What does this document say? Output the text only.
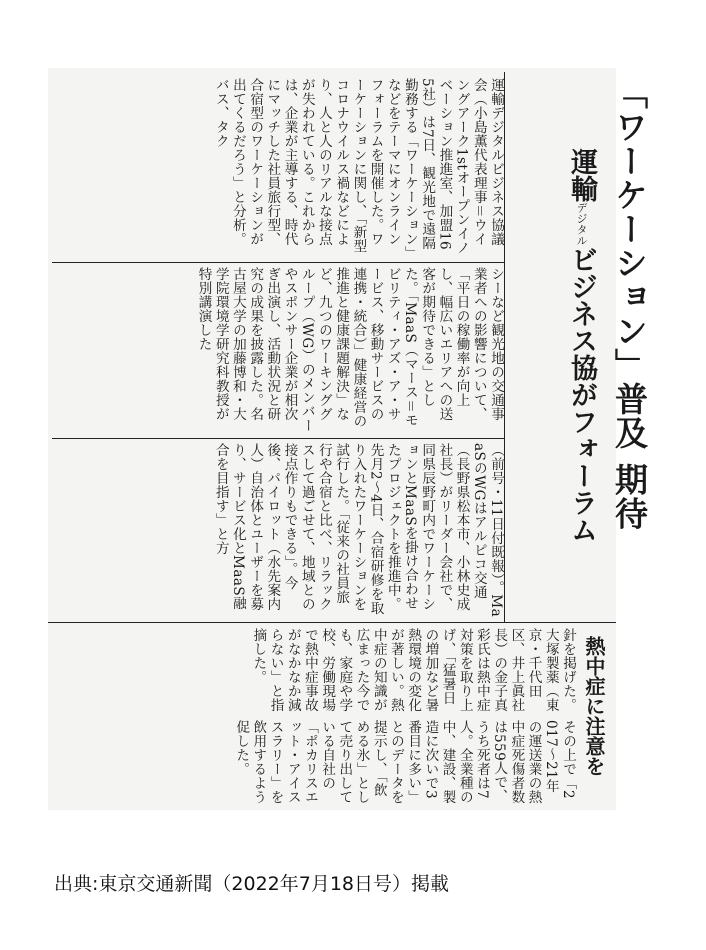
「ワーケーション」普及 期待
運輸デジタルビジネス協がフォーラム
運輸デジタルビジネス協議会（小島薫代表理事＝ウイングアーク1stオープンイノベーション推進室、加盟165社）は7日、観光地で遠隔勤務する「ワーケーション」などをテーマにオンラインフォーラムを開催した。ワーケーションに関し、「新型コロナウイルス禍などにより、人と人のリアルな接点が失われている。これからは、企業が主導する、時代にマッチした社員旅行型、合宿型のワーケーションが出てくるだろう」と分析。バス、タク
シーなど観光地の交通事業者への影響について、「平日の稼働率が向上し、幅広いエリアへの送客が期待できる」とした。「MaaS（マース＝モビリティ・アズ・ア・サービス、移動サービスの連携・統合）」健康経営の推進と健康課題解決」など、九つのワーキンググループ（WG）のメンバーやスポンサー企業が相次ぎ出演し、活動状況と研究の成果を披露した。名古屋大学の加藤博和・大学院環境学研究科教授が特別講演した
（前号・11日付既報）。MaaSのWGはアルピコ交通（長野県松本市、小林史成社長）がリーダー会社で、同県辰野町内でワーケーションとMaaSを掛け合わせたプロジェクトを推進中。先月2〜4日、合宿研修を取り入れたワーケーションを試行した。「従来の社員旅行や合宿と比べ、リラックスして過ごせて、地域との接点作りもできる」。今後、パイロット（水先案内人）自治体とユーザーを募り、サービス化とMaaS融合を目指す」と方
熱中症に注意を
針を掲げた。大塚製薬（東京・千代田区、井上眞社長）の金子真彩氏は熱中症対策を取り上げ、「猛暑日の増加など暑熱環境の変化が著しい。熱中症の知識が広まった今でも、家庭や学校、労働現場で熱中症事故がなかなか減らない」と指摘した。
その上で「2017〜21年の運送業の熱中症死傷者数は559人で、うち死者は7人。全業種の中、建設、製造に次いで3番目に多い」とのデータを提示し、「飲める氷」として売り出している自社の「ポカリスエット・アイススラリー」を飲用するよう促した。
出典:東京交通新聞（2022年7月18日号）掲載
